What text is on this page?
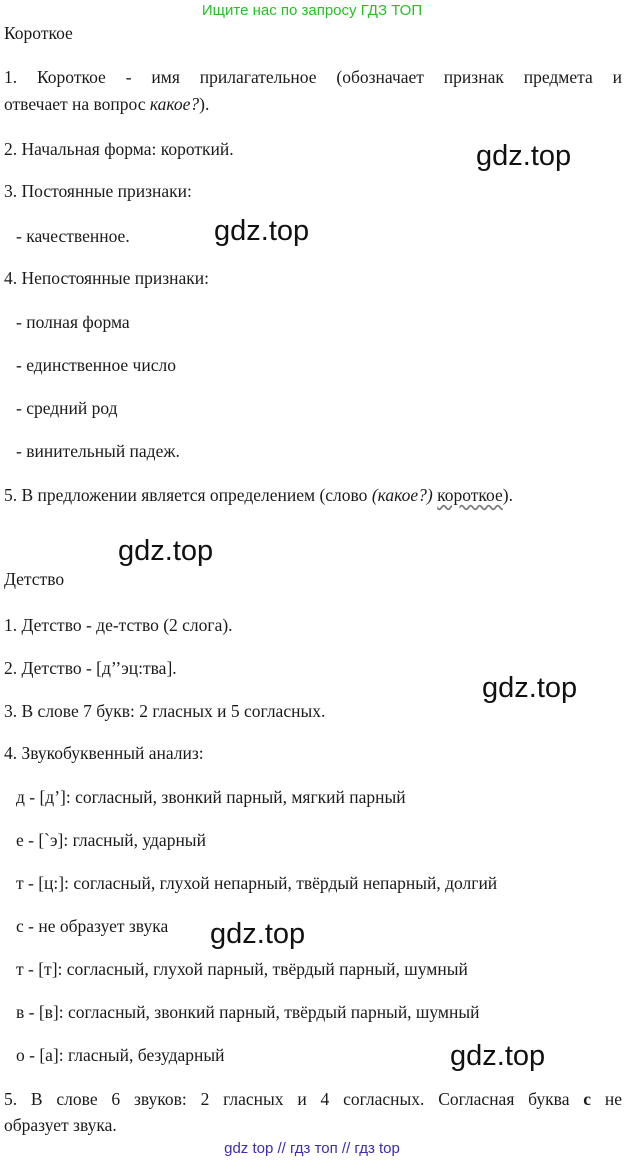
Ищите нас по запросу ГДЗ ТОП
Короткое
1. Короткое - имя прилагательное (обозначает признак предмета и
отвечает на вопрос какое?).
2. Начальная форма: короткий.
3. Постоянные признаки:
- качественное.
4. Непостоянные признаки:
- полная форма
- единственное число
- средний род
- винительный падеж.
5. В предложении является определением (слово (какое?) короткое).
Детство
1. Детство - де-тство (2 слога).
2. Детство - [д’’эц:тва].
3. В слове 7 букв: 2 гласных и 5 согласных.
4. Звукобуквенный анализ:
д - [д’]: согласный, звонкий парный, мягкий парный
е - [`э]: гласный, ударный
т - [ц:]: согласный, глухой непарный, твёрдый непарный, долгий
с - не образует звука
т - [т]: согласный, глухой парный, твёрдый парный, шумный
в - [в]: согласный, звонкий парный, твёрдый парный, шумный
о - [а]: гласный, безударный
5. В слове 6 звуков: 2 гласных и 4 согласных. Согласная буква с не
образует звука.
gdz.top
gdz.top
gdz.top
gdz.top
gdz.top
gdz.top
gdz top // гдз топ // гдз top
